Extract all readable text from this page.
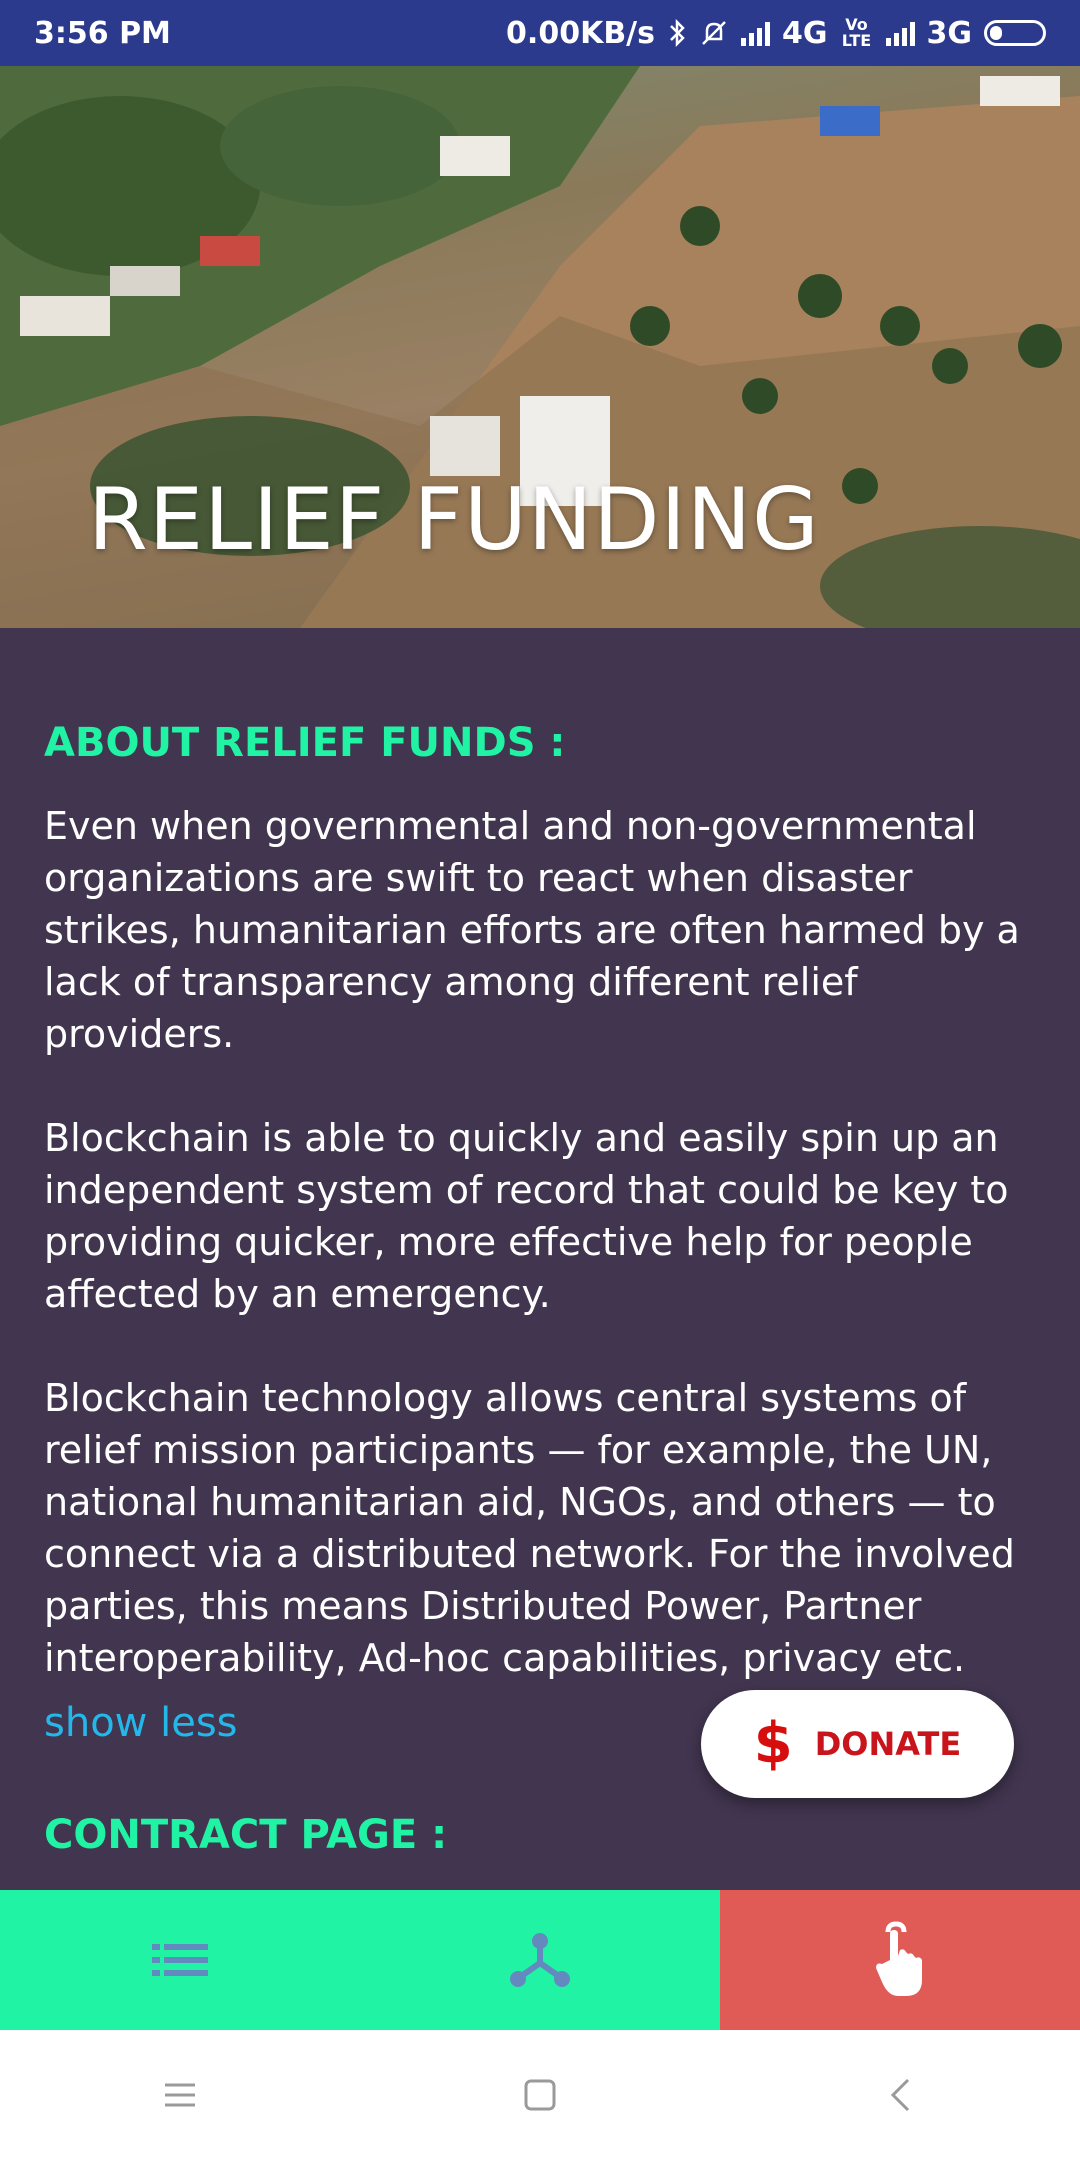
3:56 PM	0.00KB/s	4G	Vo LTE 3G
RELIEF FUNDING
ABOUT RELIEF FUNDS :

Even when governmental and non-governmental organizations are swift to react when disaster strikes, humanitarian efforts are often harmed by a lack of transparency among different relief providers.

Blockchain is able to quickly and easily spin up an independent system of record that could be key to providing quicker, more effective help for people affected by an emergency.

Blockchain technology allows central systems of relief mission participants — for example, the UN, national humanitarian aid, NGOs, and others — to connect via a distributed network. For the involved parties, this means Distributed Power, Partner interoperability, Ad-hoc capabilities, privacy etc.

show less
CONTRACT PAGE :
$ DONATE
